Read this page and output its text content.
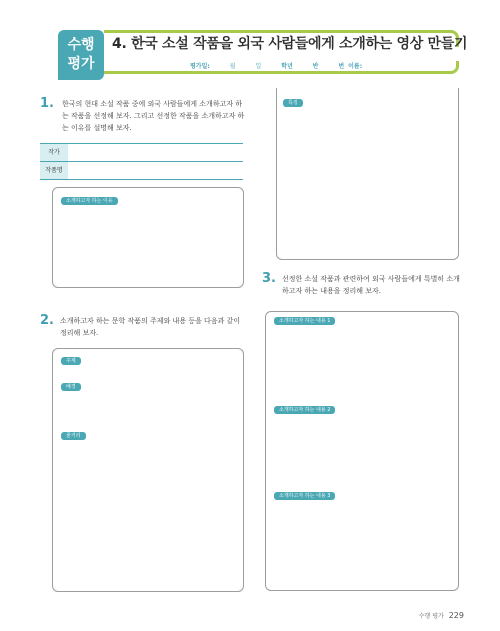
수행
평가
4. 한국 소설 작품을 외국 사람들에게 소개하는 영상 만들기
평가일:	월	일	학년	반	번 이름:
1.	한국의 현대 소설 작품 중에 외국 사람들에게 소개하고자 하는 작품을 선정해 보자. 그리고 선정한 작품을 소개하고자 하는 이유를 설명해 보자.

작가
작품명
소개하고자 하는 이유
2. 소개하고자 하는 문학 작품의 주제와 내용 등을 다음과 같이 정리해 보자.

주제
배경
줄거리
특징
3. 선정한 소설 작품과 관련하여 외국 사람들에게 특별히 소개하고자 하는 내용을 정리해 보자.

소개하고자 하는 내용 1
소개하고자 하는 내용 2
소개하고자 하는 내용 3
수행 평가 229
